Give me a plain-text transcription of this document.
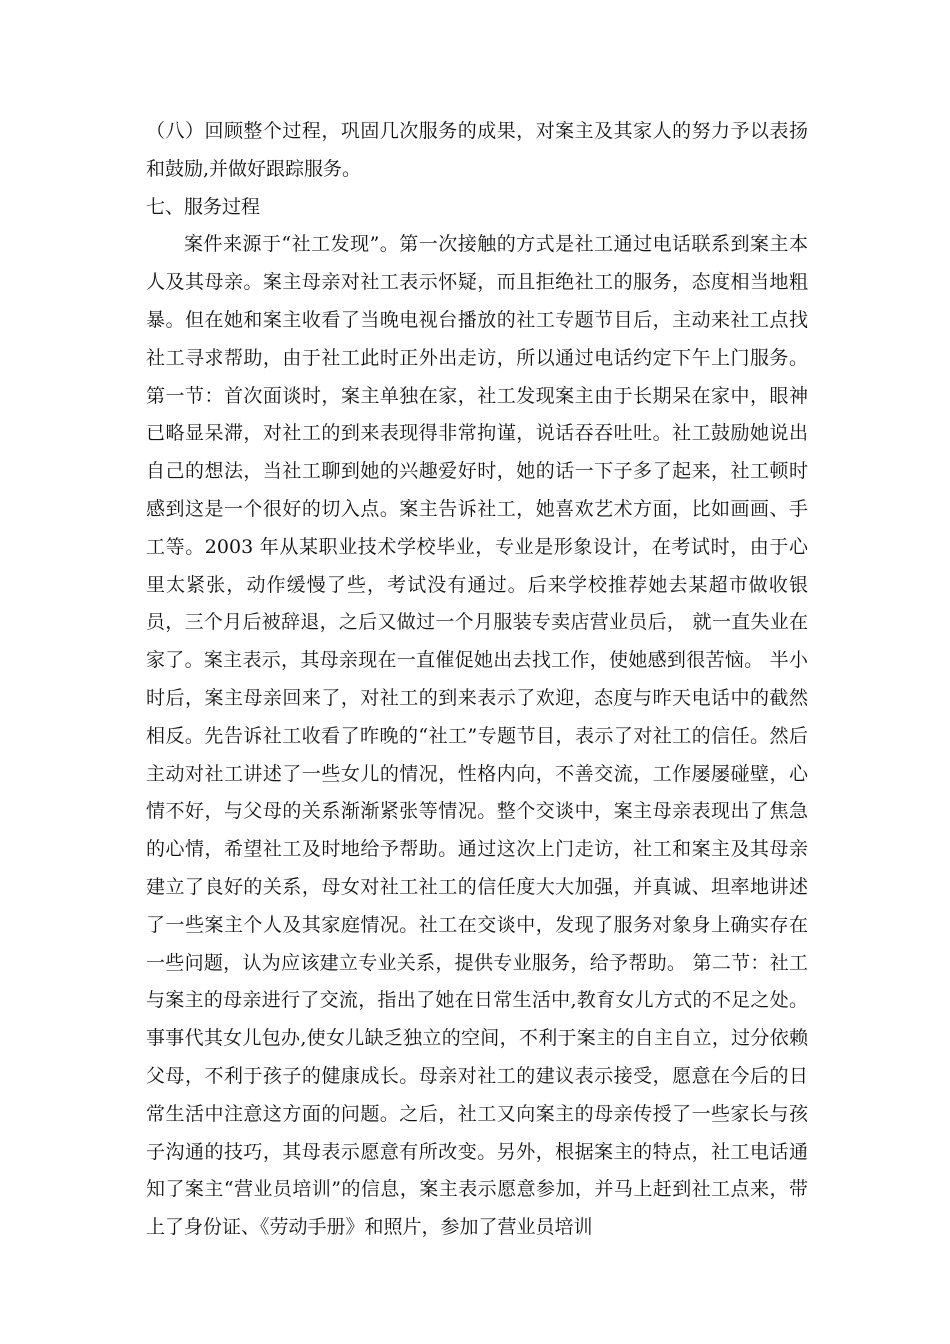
（八）回顾整个过程，巩固几次服务的成果，对案主及其家人的努力予以表扬和鼓励,并做好跟踪服务。

七、服务过程

案件来源于“社工发现”。第一次接触的方式是社工通过电话联系到案主本人及其母亲。案主母亲对社工表示怀疑，而且拒绝社工的服务，态度相当地粗暴。但在她和案主收看了当晚电视台播放的社工专题节目后，主动来社工点找社工寻求帮助，由于社工此时正外出走访，所以通过电话约定下午上门服务。 第一节：首次面谈时，案主单独在家，社工发现案主由于长期呆在家中，眼神已略显呆滞，对社工的到来表现得非常拘谨，说话吞吞吐吐。社工鼓励她说出自己的想法，当社工聊到她的兴趣爱好时，她的话一下子多了起来，社工顿时感到这是一个很好的切入点。案主告诉社工，她喜欢艺术方面，比如画画、手工等。2003 年从某职业技术学校毕业，专业是形象设计，在考试时，由于心里太紧张，动作缓慢了些，考试没有通过。后来学校推荐她去某超市做收银员，三个月后被辞退，之后又做过一个月服装专卖店营业员后， 就一直失业在家了。案主表示，其母亲现在一直催促她出去找工作，使她感到很苦恼。 半小时后，案主母亲回来了，对社工的到来表示了欢迎，态度与昨天电话中的截然相反。先告诉社工收看了昨晚的“社工”专题节目，表示了对社工的信任。然后主动对社工讲述了一些女儿的情况，性格内向，不善交流，工作屡屡碰壁，心情不好，与父母的关系渐渐紧张等情况。整个交谈中，案主母亲表现出了焦急的心情，希望社工及时地给予帮助。通过这次上门走访，社工和案主及其母亲建立了良好的关系，母女对社工社工的信任度大大加强，并真诚、坦率地讲述了一些案主个人及其家庭情况。社工在交谈中，发现了服务对象身上确实存在一些问题，认为应该建立专业关系，提供专业服务，给予帮助。 第二节：社工与案主的母亲进行了交流，指出了她在日常生活中,教育女儿方式的不足之处。事事代其女儿包办,使女儿缺乏独立的空间，不利于案主的自主自立，过分依赖父母，不利于孩子的健康成长。母亲对社工的建议表示接受，愿意在今后的日常生活中注意这方面的问题。之后，社工又向案主的母亲传授了一些家长与孩子沟通的技巧，其母表示愿意有所改变。另外，根据案主的特点，社工电话通知了案主“营业员培训”的信息，案主表示愿意参加，并马上赶到社工点来，带上了身份证、《劳动手册》和照片，参加了营业员培训
